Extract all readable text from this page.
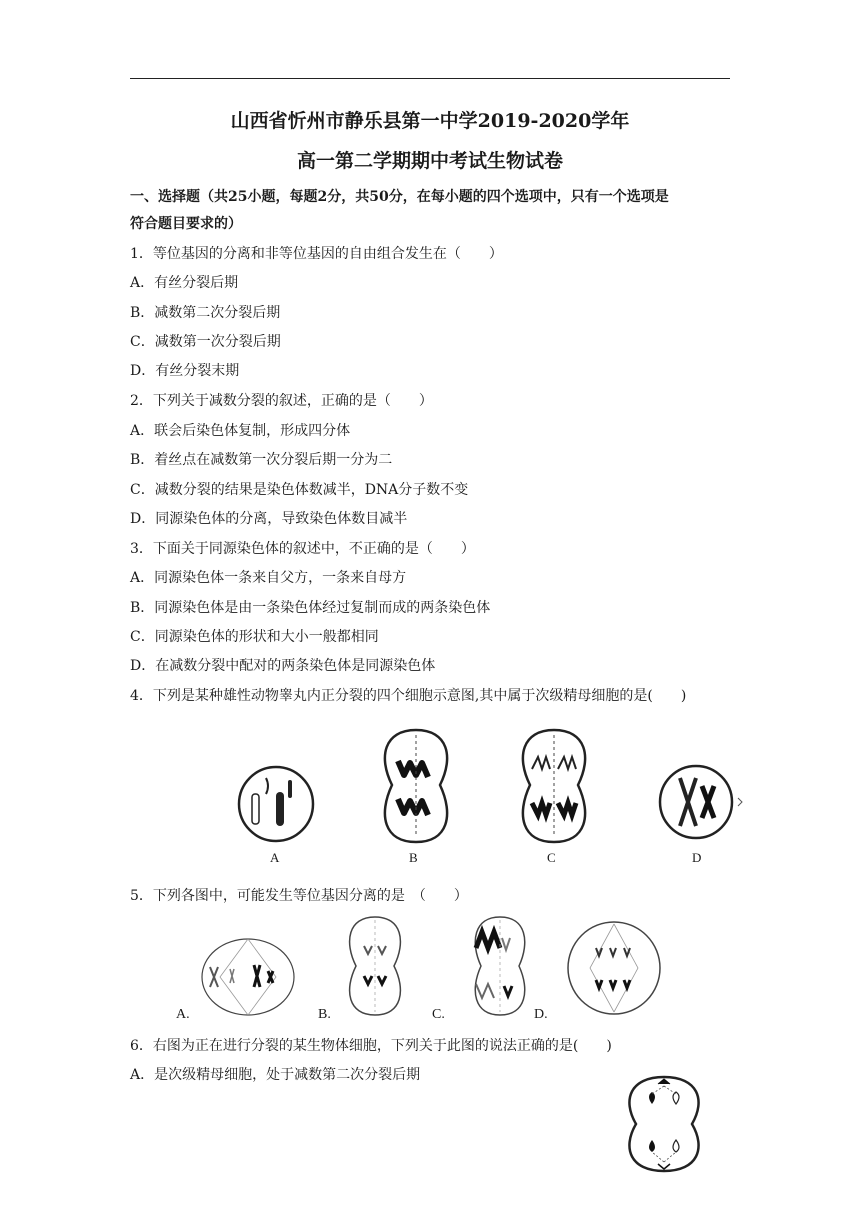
山西省忻州市静乐县第一中学2019-2020学年
高一第二学期期中考试生物试卷
一、选择题（共25小题，每题2分，共50分，在每小题的四个选项中，只有一个选项是
符合题目要求的）
1．等位基因的分离和非等位基因的自由组合发生在（　　）
A．有丝分裂后期
B．减数第二次分裂后期
C．减数第一次分裂后期
D．有丝分裂末期
2．下列关于减数分裂的叙述，正确的是（　　）
A．联会后染色体复制，形成四分体
B．着丝点在减数第一次分裂后期一分为二
C．减数分裂的结果是染色体数减半，DNA分子数不变
D．同源染色体的分离，导致染色体数目减半
3．下面关于同源染色体的叙述中，不正确的是（　　）
A．同源染色体一条来自父方，一条来自母方
B．同源染色体是由一条染色体经过复制而成的两条染色体
C．同源染色体的形状和大小一般都相同
D．在减数分裂中配对的两条染色体是同源染色体
4．下列是某种雄性动物睾丸内正分裂的四个细胞示意图,其中属于次级精母细胞的是(　　)
A	B	C	D
5．下列各图中，可能发生等位基因分离的是　（　　）
A.	B.	C.	D.
6．右图为正在进行分裂的某生物体细胞，下列关于此图的说法正确的是(　　)
A．是次级精母细胞，处于减数第二次分裂后期
